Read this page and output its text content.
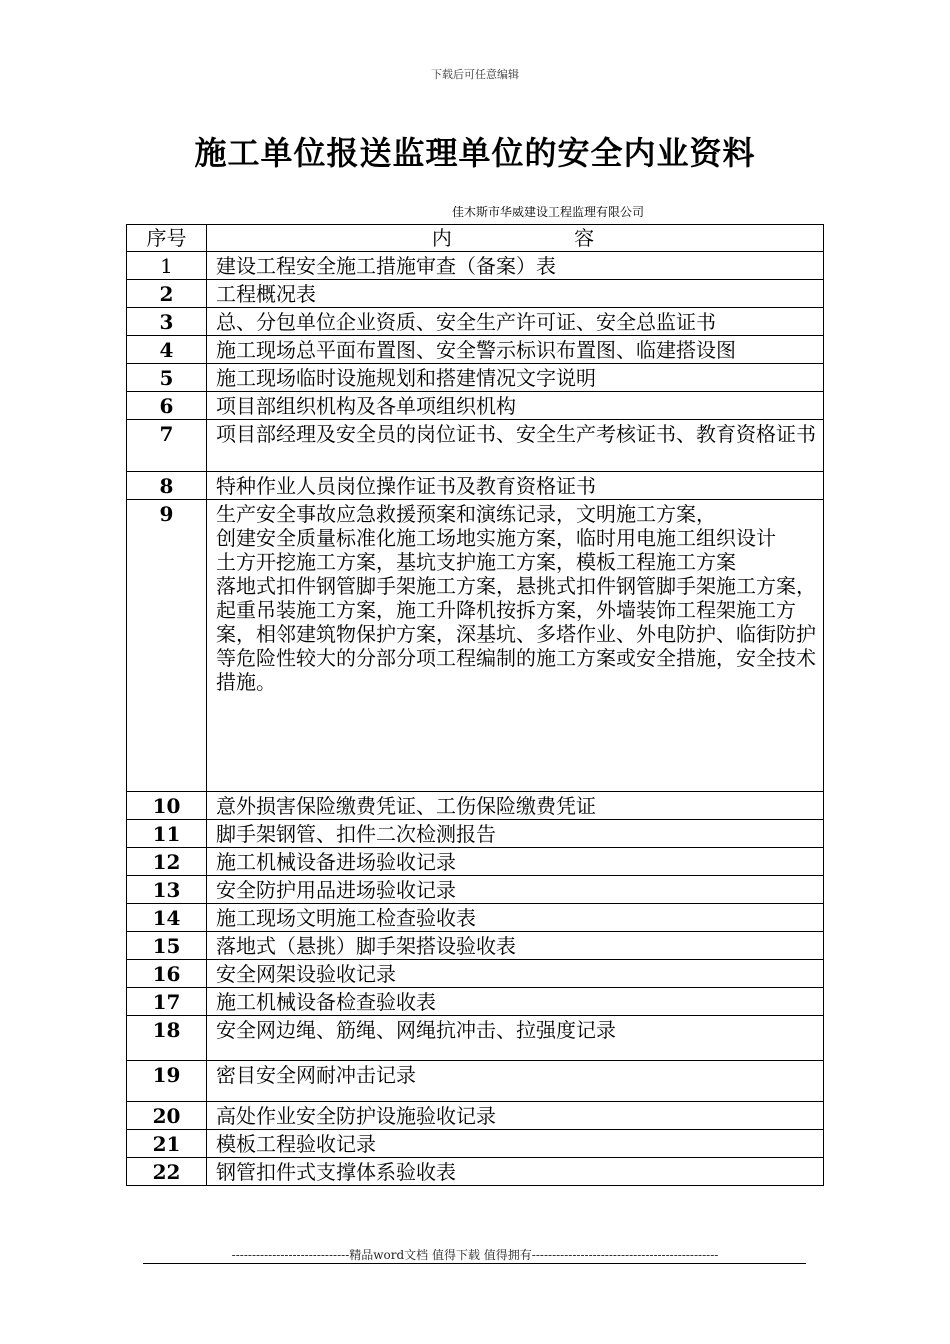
下载后可任意编辑
施工单位报送监理单位的安全内业资料
佳木斯市华威建设工程监理有限公司
序号	内 容
1	建设工程安全施工措施审查（备案）表
2	工程概况表
3	总、分包单位企业资质、安全生产许可证、安全总监证书
4	施工现场总平面布置图、安全警示标识布置图、临建搭设图
5	施工现场临时设施规划和搭建情况文字说明
6	项目部组织机构及各单项组织机构
7	项目部经理及安全员的岗位证书、安全生产考核证书、教育资格证书
8	特种作业人员岗位操作证书及教育资格证书
9	生产安全事故应急救援预案和演练记录，文明施工方案，
创建安全质量标准化施工场地实施方案，临时用电施工组织设计
土方开挖施工方案，基坑支护施工方案，模板工程施工方案
落地式扣件钢管脚手架施工方案，悬挑式扣件钢管脚手架施工方案，起重吊装施工方案，施工升降机按拆方案，外墙装饰工程架施工方案，相邻建筑物保护方案，深基坑、多塔作业、外电防护、临街防护等危险性较大的分部分项工程编制的施工方案或安全措施，安全技术措施。

10	意外损害保险缴费凭证、工伤保险缴费凭证
11	脚手架钢管、扣件二次检测报告
12	施工机械设备进场验收记录
13	安全防护用品进场验收记录
14	施工现场文明施工检查验收表
15	落地式（悬挑）脚手架搭设验收表
16	安全网架设验收记录
17	施工机械设备检查验收表
18	安全网边绳、筋绳、网绳抗冲击、拉强度记录
19	密目安全网耐冲击记录
20	高处作业安全防护设施验收记录
21	模板工程验收记录
22	钢管扣件式支撑体系验收表
-----------------------------精品word文档 值得下载 值得拥有----------------------------------------------
